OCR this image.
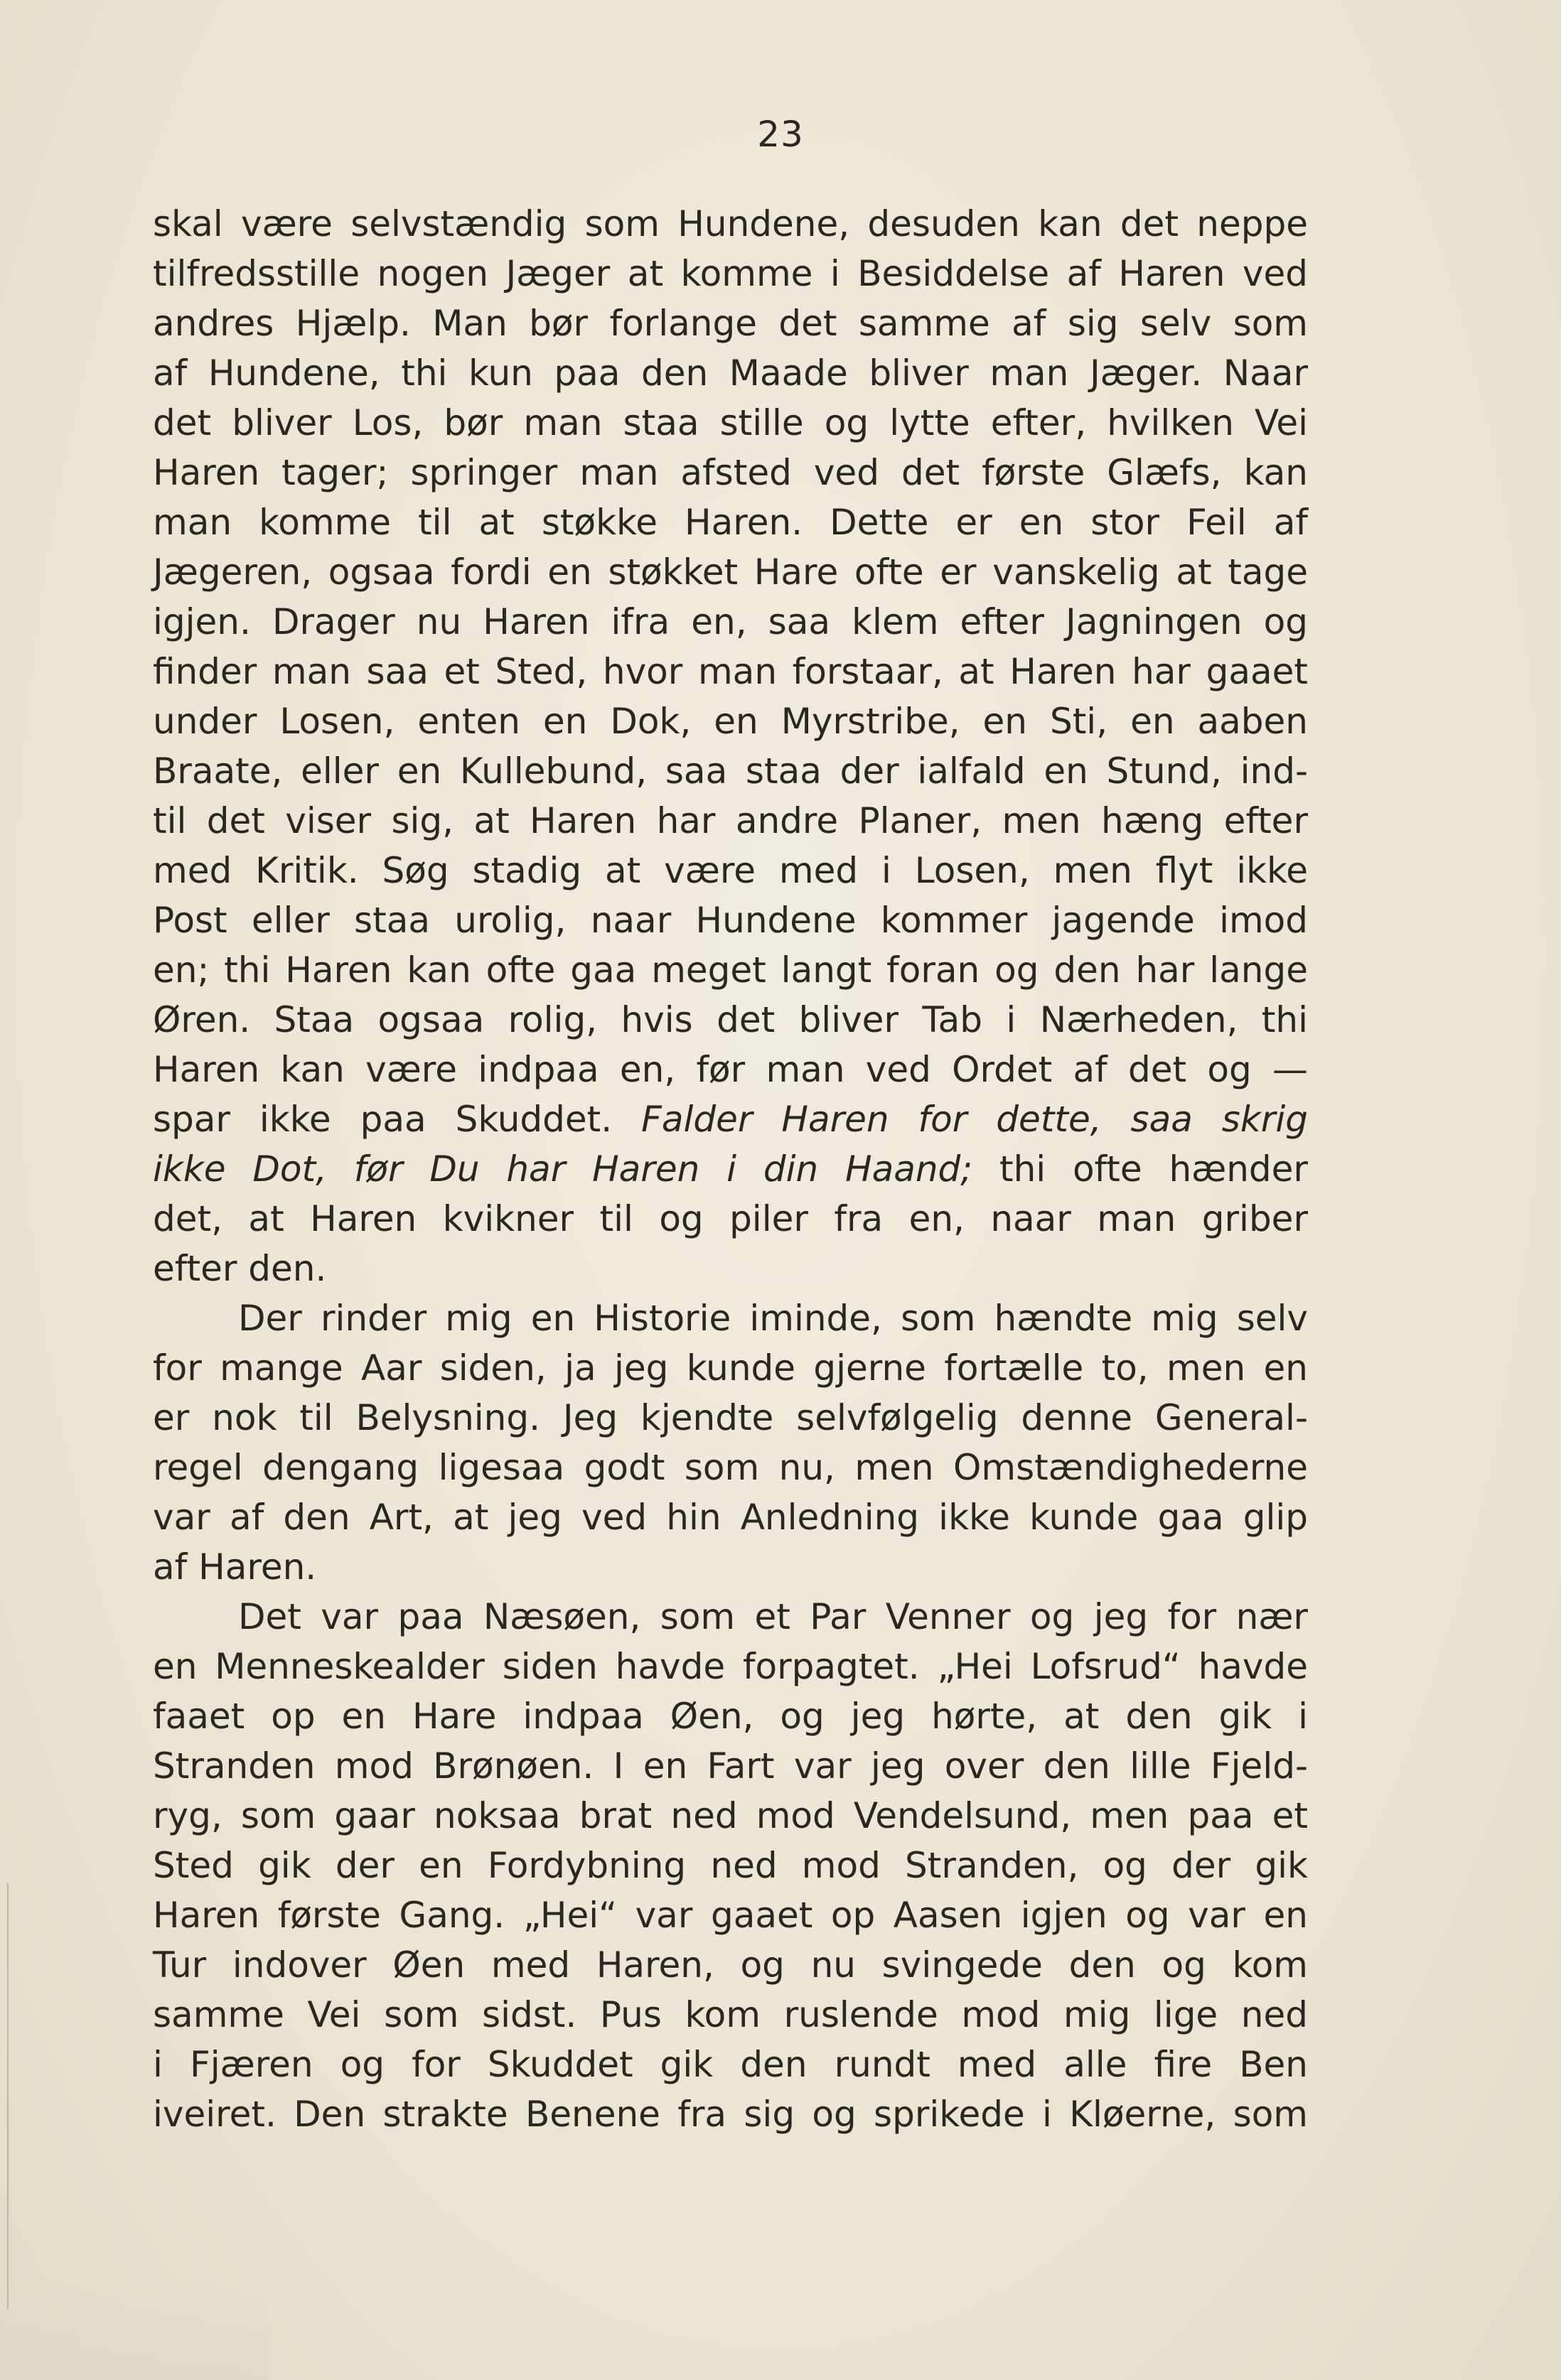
23
skal være selvstændig som Hundene, desuden kan det neppe
tilfredsstille nogen Jæger at komme i Besiddelse af Haren ved
andres Hjælp. Man bør forlange det samme af sig selv som
af Hundene, thi kun paa den Maade bliver man Jæger. Naar
det bliver Los, bør man staa stille og lytte efter, hvilken Vei
Haren tager; springer man afsted ved det første Glæfs, kan
man komme til at støkke Haren. Dette er en stor Feil af
Jægeren, ogsaa fordi en støkket Hare ofte er vanskelig at tage
igjen. Drager nu Haren ifra en, saa klem efter Jagningen og
finder man saa et Sted, hvor man forstaar, at Haren har gaaet
under Losen, enten en Dok, en Myrstribe, en Sti, en aaben
Braate, eller en Kullebund, saa staa der ialfald en Stund, ind-
til det viser sig, at Haren har andre Planer, men hæng efter
med Kritik. Søg stadig at være med i Losen, men flyt ikke
Post eller staa urolig, naar Hundene kommer jagende imod
en; thi Haren kan ofte gaa meget langt foran og den har lange
Øren. Staa ogsaa rolig, hvis det bliver Tab i Nærheden, thi
Haren kan være indpaa en, før man ved Ordet af det og —
spar ikke paa Skuddet. Falder Haren for dette, saa skrig
ikke Dot, før Du har Haren i din Haand; thi ofte hænder
det, at Haren kvikner til og piler fra en, naar man griber
efter den.
Der rinder mig en Historie iminde, som hændte mig selv
for mange Aar siden, ja jeg kunde gjerne fortælle to, men en
er nok til Belysning. Jeg kjendte selvfølgelig denne General-
regel dengang ligesaa godt som nu, men Omstændighederne
var af den Art, at jeg ved hin Anledning ikke kunde gaa glip
af Haren.
Det var paa Næsøen, som et Par Venner og jeg for nær
en Menneskealder siden havde forpagtet. „Hei Lofsrud“ havde
faaet op en Hare indpaa Øen, og jeg hørte, at den gik i
Stranden mod Brønøen. I en Fart var jeg over den lille Fjeld-
ryg, som gaar noksaa brat ned mod Vendelsund, men paa et
Sted gik der en Fordybning ned mod Stranden, og der gik
Haren første Gang. „Hei“ var gaaet op Aasen igjen og var en
Tur indover Øen med Haren, og nu svingede den og kom
samme Vei som sidst. Pus kom ruslende mod mig lige ned
i Fjæren og for Skuddet gik den rundt med alle fire Ben
iveiret. Den strakte Benene fra sig og sprikede i Kløerne, som
